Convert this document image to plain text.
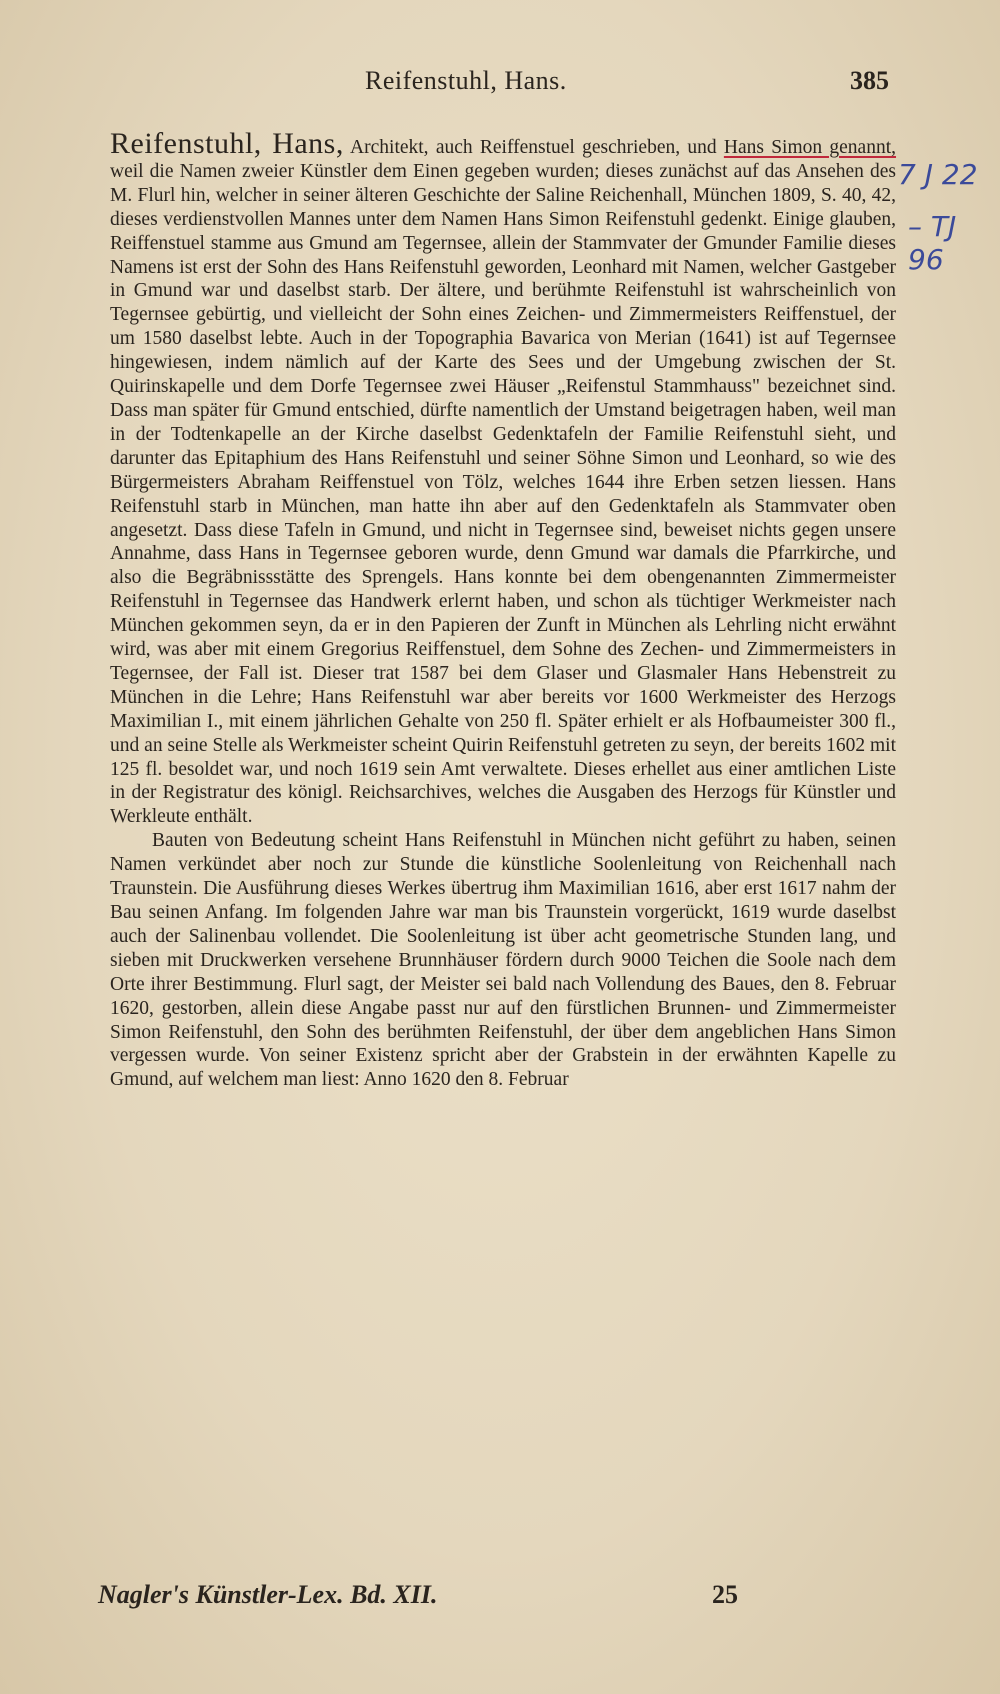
Reifenstuhl, Hans.	385
7 J 22
– TJ 96

Reifenstuhl, Hans, Architekt, auch Reiffenstuel geschrieben, und Hans Simon genannt, weil die Namen zweier Künstler dem Einen gegeben wurden; dieses zunächst auf das Ansehen des M. Flurl hin, welcher in seiner älteren Geschichte der Saline Reichenhall, München 1809, S. 40, 42, dieses verdienstvollen Mannes unter dem Namen Hans Simon Reifenstuhl gedenkt. Einige glauben, Reiffenstuel stamme aus Gmund am Tegernsee, allein der Stammvater der Gmunder Familie dieses Namens ist erst der Sohn des Hans Reifenstuhl geworden, Leonhard mit Namen, welcher Gastgeber in Gmund war und daselbst starb. Der ältere, und berühmte Reifenstuhl ist wahrscheinlich von Tegernsee gebürtig, und vielleicht der Sohn eines Zeichen- und Zimmermeisters Reiffenstuel, der um 1580 daselbst lebte. Auch in der Topographia Bavarica von Merian (1641) ist auf Tegernsee hingewiesen, indem nämlich auf der Karte des Sees und der Umgebung zwischen der St. Quirinskapelle und dem Dorfe Tegernsee zwei Häuser „Reifenstul Stammhauss" bezeichnet sind. Dass man später für Gmund entschied, dürfte namentlich der Umstand beigetragen haben, weil man in der Todtenkapelle an der Kirche daselbst Gedenktafeln der Familie Reifenstuhl sieht, und darunter das Epitaphium des Hans Reifenstuhl und seiner Söhne Simon und Leonhard, so wie des Bürgermeisters Abraham Reiffenstuel von Tölz, welches 1644 ihre Erben setzen liessen. Hans Reifenstuhl starb in München, man hatte ihn aber auf den Gedenktafeln als Stammvater oben angesetzt. Dass diese Tafeln in Gmund, und nicht in Tegernsee sind, beweiset nichts gegen unsere Annahme, dass Hans in Tegernsee geboren wurde, denn Gmund war damals die Pfarrkirche, und also die Begräbnissstätte des Sprengels. Hans konnte bei dem obengenannten Zimmermeister Reifenstuhl in Tegernsee das Handwerk erlernt haben, und schon als tüchtiger Werkmeister nach München gekommen seyn, da er in den Papieren der Zunft in München als Lehrling nicht erwähnt wird, was aber mit einem Gregorius Reiffenstuel, dem Sohne des Zechen- und Zimmermeisters in Tegernsee, der Fall ist. Dieser trat 1587 bei dem Glaser und Glasmaler Hans Hebenstreit zu München in die Lehre; Hans Reifenstuhl war aber bereits vor 1600 Werkmeister des Herzogs Maximilian I., mit einem jährlichen Gehalte von 250 fl. Später erhielt er als Hofbaumeister 300 fl., und an seine Stelle als Werkmeister scheint Quirin Reifenstuhl getreten zu seyn, der bereits 1602 mit 125 fl. besoldet war, und noch 1619 sein Amt verwaltete. Dieses erhellet aus einer amtlichen Liste in der Registratur des königl. Reichsarchives, welches die Ausgaben des Herzogs für Künstler und Werkleute enthält.

Bauten von Bedeutung scheint Hans Reifenstuhl in München nicht geführt zu haben, seinen Namen verkündet aber noch zur Stunde die künstliche Soolenleitung von Reichenhall nach Traunstein. Die Ausführung dieses Werkes übertrug ihm Maximilian 1616, aber erst 1617 nahm der Bau seinen Anfang. Im folgenden Jahre war man bis Traunstein vorgerückt, 1619 wurde daselbst auch der Salinenbau vollendet. Die Soolenleitung ist über acht geometrische Stunden lang, und sieben mit Druckwerken versehene Brunnhäuser fördern durch 9000 Teichen die Soole nach dem Orte ihrer Bestimmung. Flurl sagt, der Meister sei bald nach Vollendung des Baues, den 8. Februar 1620, gestorben, allein diese Angabe passt nur auf den fürstlichen Brunnen- und Zimmermeister Simon Reifenstuhl, den Sohn des berühmten Reifenstuhl, der über dem angeblichen Hans Simon vergessen wurde. Von seiner Existenz spricht aber der Grabstein in der erwähnten Kapelle zu Gmund, auf welchem man liest: Anno 1620 den 8. Februar

Nagler's Künstler-Lex. Bd. XII.	25
